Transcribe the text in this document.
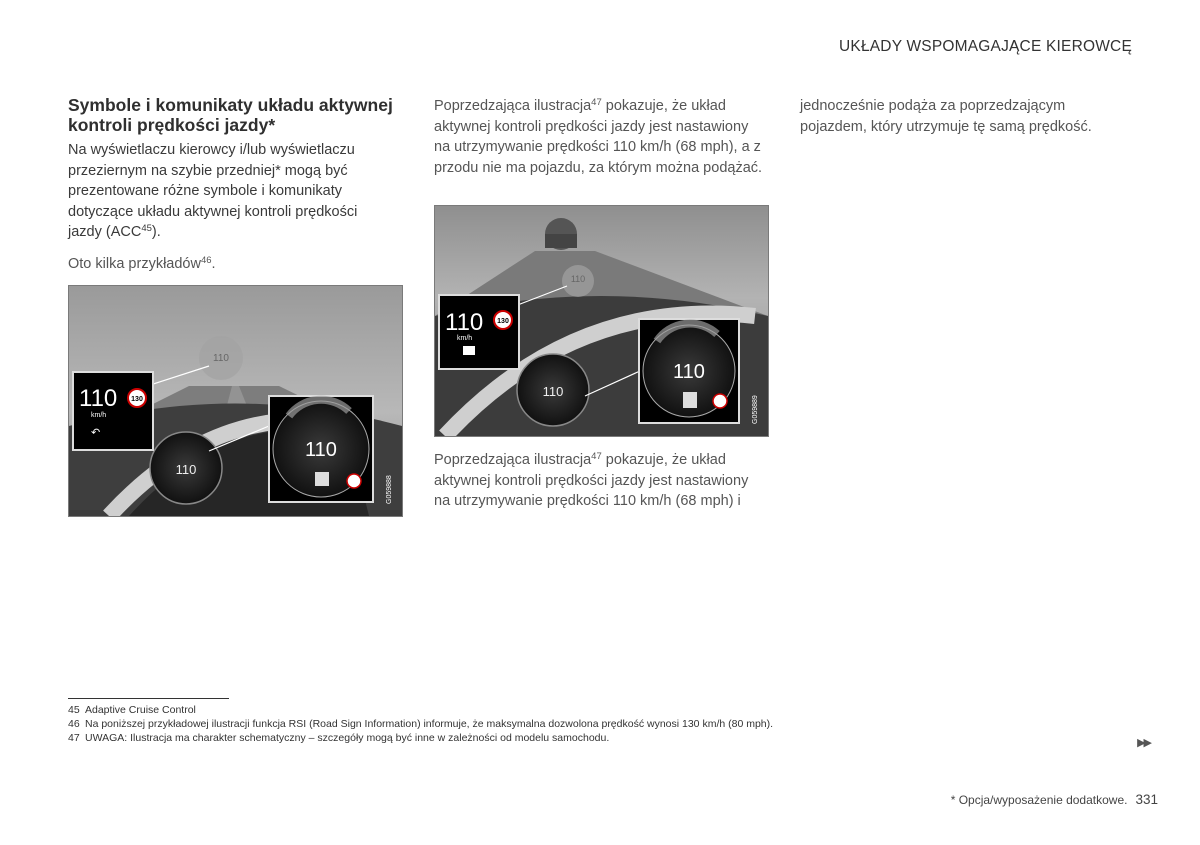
UKŁADY WSPOMAGAJĄCE KIEROWCĘ
Symbole i komunikaty układu aktywnej kontroli prędkości jazdy*

Na wyświetlaczu kierowcy i/lub wyświetlaczu przeziernym na szybie przedniej* mogą być prezentowane różne symbole i komunikaty dotyczące układu aktywnej kontroli prędkości jazdy (ACC$^{45}$).

Oto kilka przykładów$^{46}$.

110
110
110
km/h
130
↶
110
G059888

Poprzedzająca ilustracja$^{47}$ pokazuje, że układ aktywnej kontroli prędkości jazdy jest nastawiony na utrzymywanie prędkości 110 km/h (68 mph), a z przodu nie ma pojazdu, za którym można podążać.

110
110
110
km/h
130
110
G059889

Poprzedzająca ilustracja$^{47}$ pokazuje, że układ aktywnej kontroli prędkości jazdy jest nastawiony na utrzymywanie prędkości 110 km/h (68 mph) i

jednocześnie podąża za poprzedzającym pojazdem, który utrzymuje tę samą prędkość.

45 Adaptive Cruise Control
46 Na poniższej przykładowej ilustracji funkcja RSI (Road Sign Information) informuje, że maksymalna dozwolona prędkość wynosi 130 km/h (80 mph).
47 UWAGA: Ilustracja ma charakter schematyczny – szczegóły mogą być inne w zależności od modelu samochodu.	▶▶
* Opcja/wyposażenie dodatkowe. 331
